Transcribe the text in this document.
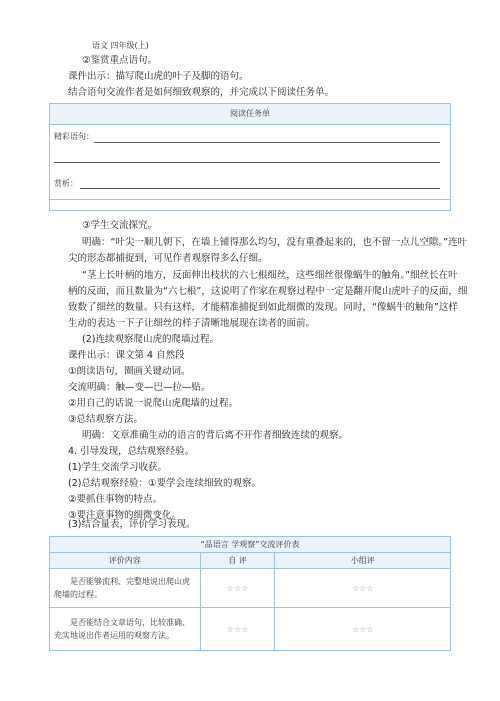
语文 四年级(上)
②鉴赏重点语句。
课件出示：描写爬山虎的叶子及脚的语句。
结合语句交流作者是如何细致观察的，并完成以下阅读任务单。
阅读任务单
精彩语句：
赏析：
③学生交流探究。
明确：“叶尖一顺儿朝下，在墙上铺得那么均匀，没有重叠起来的，也不留一点儿空隙。”连叶
尖的形态都捕捉到，可见作者观察得多么仔细。
“茎上长叶柄的地方，反面伸出枝状的六七根细丝，这些细丝很像蜗牛的触角。”细丝长在叶
柄的反面，而且数量为“六七根”，这说明了作家在观察过程中一定是翻开爬山虎叶子的反面，细
致数了细丝的数量。只有这样，才能精准捕捉到如此细微的发现。同时，“像蜗牛的触角”这样
生动的表达一下子让细丝的样子清晰地展现在读者的面前。
(2)连续观察爬山虎的爬墙过程。
课件出示：课文第 4 自然段
①朗读语句，圈画关键动词。
交流明确：触—变—巴—拉—贴。
②用自己的话说一说爬山虎爬墙的过程。
③总结观察方法。
明确：文章准确生动的语言的背后离不开作者细致连续的观察。
4. 引导发现，总结观察经验。
(1)学生交流学习收获。
(2)总结观察经验：①要学会连续细致的观察。
②要抓住事物的特点。
③要注意事物的细微变化。
(3)结合量表，评价学习表现。
“品语言 学观察”交流评价表		
评价内容	自 评	小组评
是否能够流利、完整地说出爬山虎爬墙的过程。	☆☆☆	☆☆☆
是否能结合文章语句，比较准确、充实地说出作者运用的观察方法。	☆☆☆	☆☆☆
